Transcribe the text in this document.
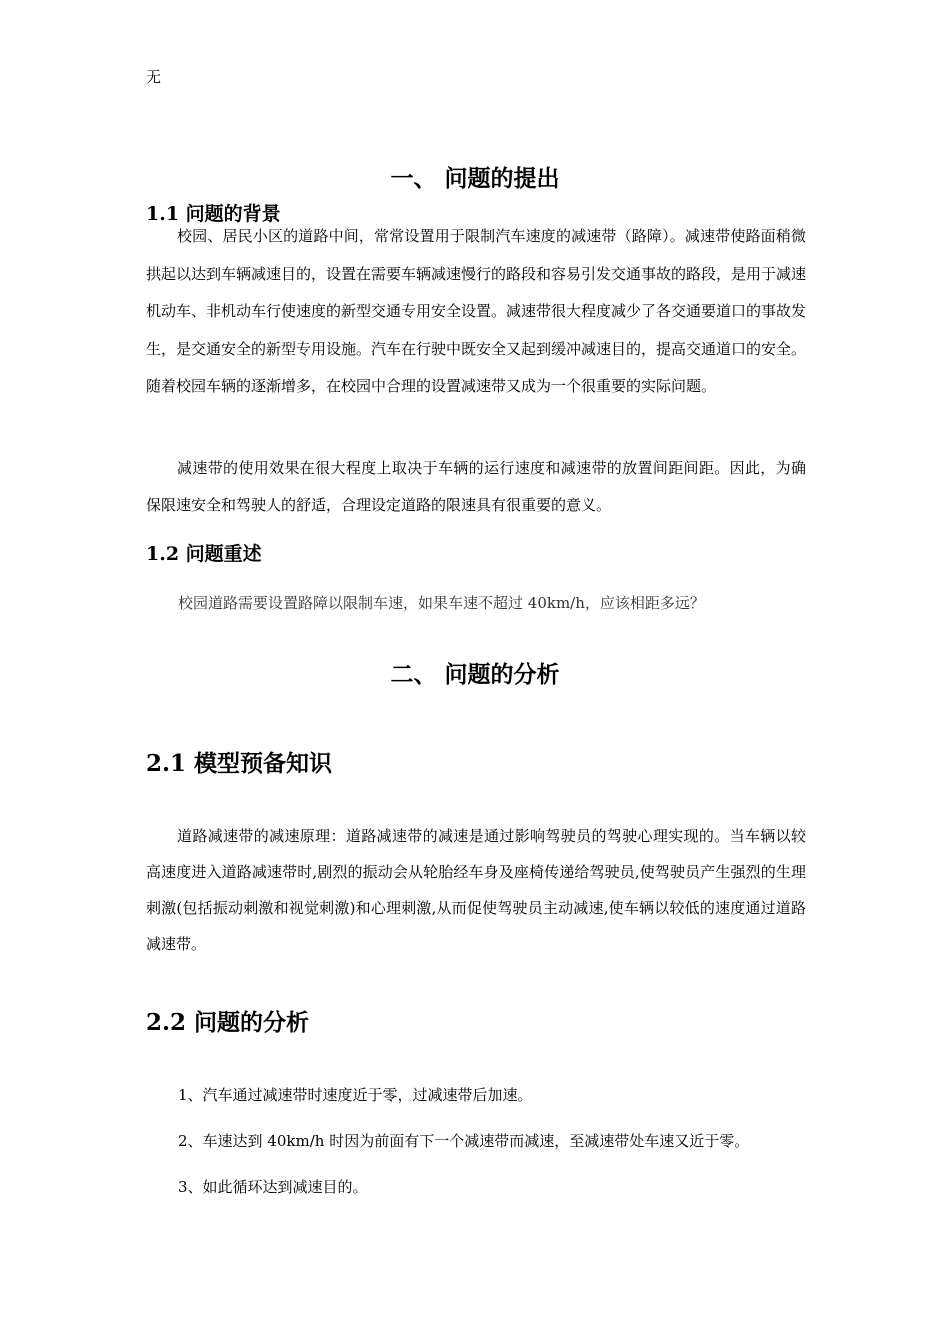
无
一、 问题的提出
1.1 问题的背景
校园、居民小区的道路中间，常常设置用于限制汽车速度的减速带（路障）。减速带使路面稍微拱起以达到车辆减速目的，设置在需要车辆减速慢行的路段和容易引发交通事故的路段，是用于减速机动车、非机动车行使速度的新型交通专用安全设置。减速带很大程度减少了各交通要道口的事故发生，是交通安全的新型专用设施。汽车在行驶中既安全又起到缓冲减速目的，提高交通道口的安全。随着校园车辆的逐渐增多，在校园中合理的设置减速带又成为一个很重要的实际问题。
减速带的使用效果在很大程度上取决于车辆的运行速度和减速带的放置间距间距。因此，为确保限速安全和驾驶人的舒适，合理设定道路的限速具有很重要的意义。
1.2 问题重述
校园道路需要设置路障以限制车速，如果车速不超过 40km/h，应该相距多远？
二、 问题的分析
2.1 模型预备知识
道路减速带的减速原理：道路减速带的减速是通过影响驾驶员的驾驶心理实现的。当车辆以较高速度进入道路减速带时,剧烈的振动会从轮胎经车身及座椅传递给驾驶员,使驾驶员产生强烈的生理刺激(包括振动刺激和视觉刺激)和心理刺激,从而促使驾驶员主动减速,使车辆以较低的速度通过道路减速带。
2.2 问题的分析
1、汽车通过减速带时速度近于零，过减速带后加速。
2、车速达到 40km/h 时因为前面有下一个减速带而减速，至减速带处车速又近于零。
3、如此循环达到减速目的。
